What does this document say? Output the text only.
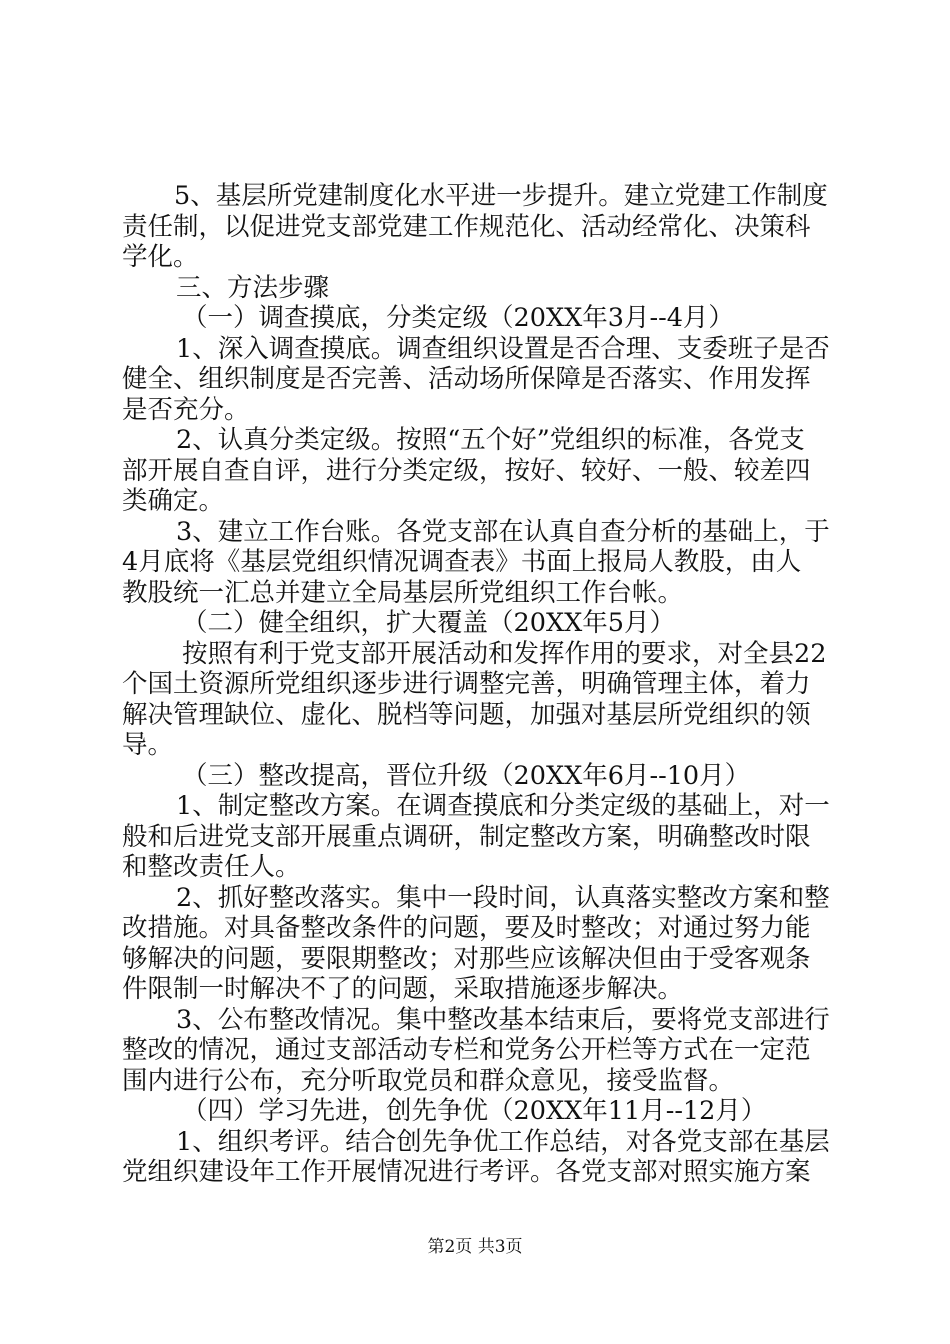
5、基层所党建制度化水平进一步提升。建立党建工作制度
责任制，以促进党支部党建工作规范化、活动经常化、决策科
学化。
三、方法步骤
（一）调查摸底，分类定级（20XX年3月--4月）
1、深入调查摸底。调查组织设置是否合理、支委班子是否
健全、组织制度是否完善、活动场所保障是否落实、作用发挥
是否充分。
2、认真分类定级。按照“五个好”党组织的标准，各党支
部开展自查自评，进行分类定级，按好、较好、一般、较差四
类确定。
3、建立工作台账。各党支部在认真自查分析的基础上，于
4月底将《基层党组织情况调查表》书面上报局人教股，由人
教股统一汇总并建立全局基层所党组织工作台帐。
（二）健全组织，扩大覆盖（20XX年5月）
按照有利于党支部开展活动和发挥作用的要求，对全县22
个国土资源所党组织逐步进行调整完善，明确管理主体，着力
解决管理缺位、虚化、脱档等问题，加强对基层所党组织的领
导。
（三）整改提高，晋位升级（20XX年6月--10月）
1、制定整改方案。在调查摸底和分类定级的基础上，对一
般和后进党支部开展重点调研，制定整改方案，明确整改时限
和整改责任人。
2、抓好整改落实。集中一段时间，认真落实整改方案和整
改措施。对具备整改条件的问题，要及时整改；对通过努力能
够解决的问题，要限期整改；对那些应该解决但由于受客观条
件限制一时解决不了的问题，采取措施逐步解决。
3、公布整改情况。集中整改基本结束后，要将党支部进行
整改的情况，通过支部活动专栏和党务公开栏等方式在一定范
围内进行公布，充分听取党员和群众意见，接受监督。
（四）学习先进，创先争优（20XX年11月--12月）
1、组织考评。结合创先争优工作总结，对各党支部在基层
党组织建设年工作开展情况进行考评。各党支部对照实施方案
第2页 共3页
